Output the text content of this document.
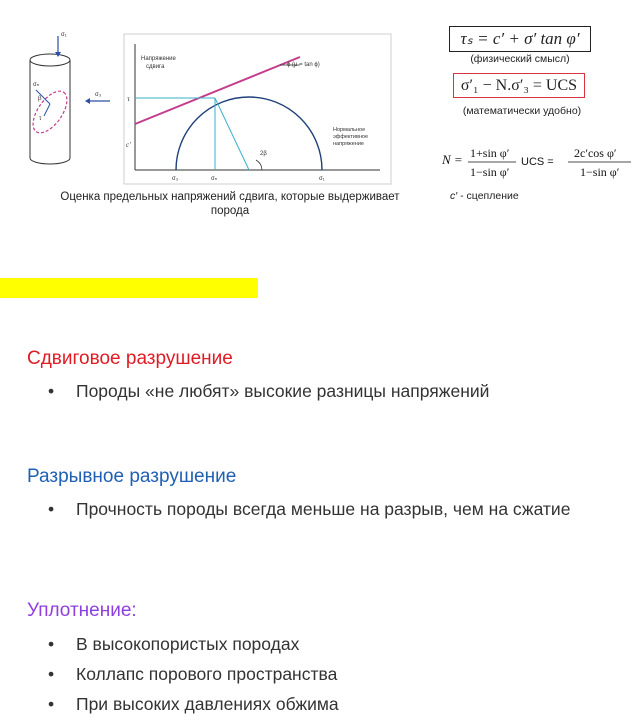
σ₁
σ₃
β
σₙ
τ
Напряжение
сдвига	ϕ (μ = tan ϕ)
Нормальное
эффективное
напряжение
τ
c'
2β
σ₃	σₙ	σ₁
N = 1+sin φ′
1−sin φ′
UCS =
2c′cos φ′
1−sin φ′
Оценка предельных напряжений сдвига, которые выдерживает порода
τₛ = c′ + σ′ tan φ′
(физический смысл)
σ′₁ − N.σ′₃ = UCS
(математически удобно)
c′ - сцепление
Сдвиговое разрушение
• Породы «не любят» высокие разницы напряжений
Разрывное разрушение
• Прочность породы всегда меньше на разрыв, чем на сжатие
Уплотнение:
• В высокопористых породах
• Коллапс порового пространства
• При высоких давлениях обжима
